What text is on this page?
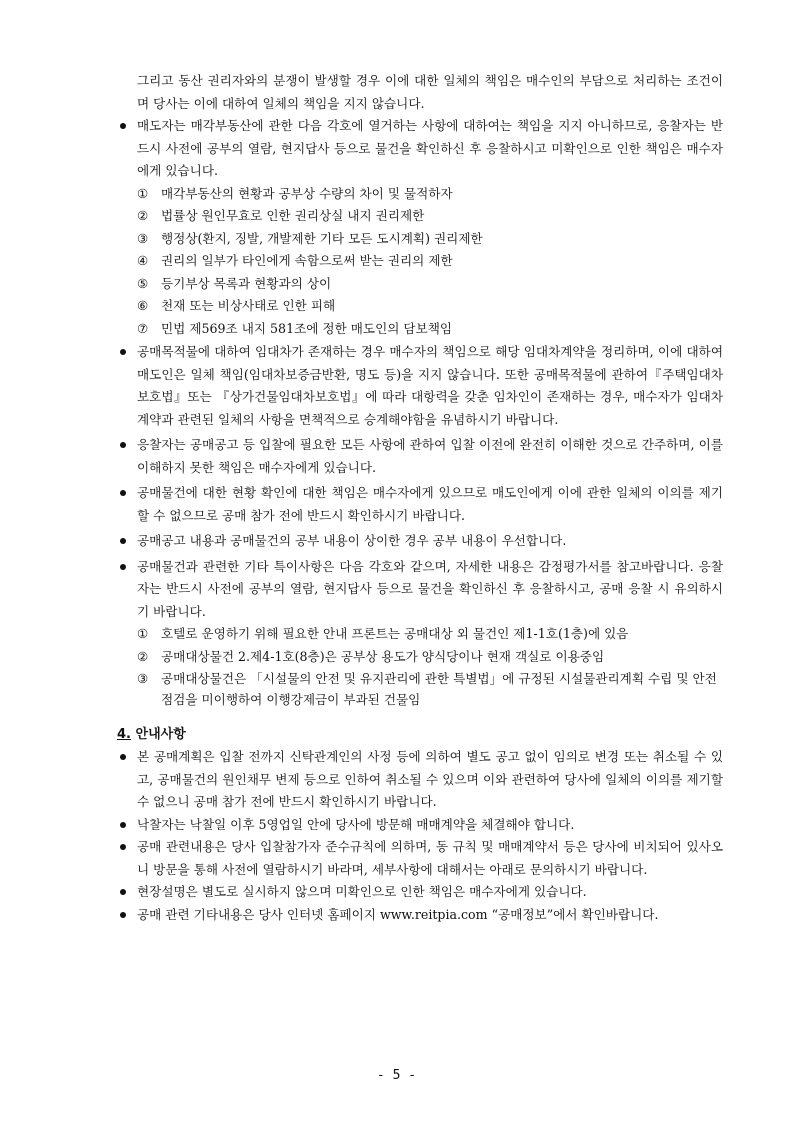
그리고 동산 권리자와의 분쟁이 발생할 경우 이에 대한 일체의 책임은 매수인의 부담으로 처리하는 조건이며 당사는 이에 대하여 일체의 책임을 지지 않습니다.

매도자는 매각부동산에 관한 다음 각호에 열거하는 사항에 대하여는 책임을 지지 아니하므로, 응찰자는 반드시 사전에 공부의 열람, 현지답사 등으로 물건을 확인하신 후 응찰하시고 미확인으로 인한 책임은 매수자에게 있습니다.

① 매각부동산의 현황과 공부상 수량의 차이 및 물적하자

② 법률상 원인무효로 인한 권리상실 내지 권리제한

③ 행정상(환지, 징발, 개발제한 기타 모든 도시계획) 권리제한

④ 권리의 일부가 타인에게 속함으로써 받는 권리의 제한

⑤ 등기부상 목록과 현황과의 상이

⑥ 천재 또는 비상사태로 인한 피해

⑦ 민법 제569조 내지 581조에 정한 매도인의 담보책임

공매목적물에 대하여 임대차가 존재하는 경우 매수자의 책임으로 해당 임대차계약을 정리하며, 이에 대하여 매도인은 일체 책임(임대차보증금반환, 명도 등)을 지지 않습니다. 또한 공매목적물에 관하여『주택임대차보호법』또는 『상가건물임대차보호법』에 따라 대항력을 갖춘 임차인이 존재하는 경우, 매수자가 임대차계약과 관련된 일체의 사항을 면책적으로 승계해야함을 유념하시기 바랍니다.
응찰자는 공매공고 등 입찰에 필요한 모든 사항에 관하여 입찰 이전에 완전히 이해한 것으로 간주하며, 이를 이해하지 못한 책임은 매수자에게 있습니다.
공매물건에 대한 현황 확인에 대한 책임은 매수자에게 있으므로 매도인에게 이에 관한 일체의 이의를 제기할 수 없으므로 공매 참가 전에 반드시 확인하시기 바랍니다.
공매공고 내용과 공매물건의 공부 내용이 상이한 경우 공부 내용이 우선합니다.
공매물건과 관련한 기타 특이사항은 다음 각호와 같으며, 자세한 내용은 감정평가서를 참고바랍니다. 응찰자는 반드시 사전에 공부의 열람, 현지답사 등으로 물건을 확인하신 후 응찰하시고, 공매 응찰 시 유의하시기 바랍니다.

① 호텔로 운영하기 위해 필요한 안내 프론트는 공매대상 외 물건인 제1-1호(1층)에 있음

② 공매대상물건 2.제4-1호(8층)은 공부상 용도가 양식당이나 현재 객실로 이용중임

③ 공매대상물건은 「시설물의 안전 및 유지관리에 관한 특별법」에 규정된 시설물관리계획 수립 및 안전점검을 미이행하여 이행강제금이 부과된 건물임

4. 안내사항
본 공매계획은 입찰 전까지 신탁관계인의 사정 등에 의하여 별도 공고 없이 임의로 변경 또는 취소될 수 있고, 공매물건의 원인채무 변제 등으로 인하여 취소될 수 있으며 이와 관련하여 당사에 일체의 이의를 제기할 수 없으니 공매 참가 전에 반드시 확인하시기 바랍니다.
낙찰자는 낙찰일 이후 5영업일 안에 당사에 방문해 매매계약을 체결해야 합니다.
공매 관련내용은 당사 입찰참가자 준수규칙에 의하며, 동 규칙 및 매매계약서 등은 당사에 비치되어 있사오니 방문을 통해 사전에 열람하시기 바라며, 세부사항에 대해서는 아래로 문의하시기 바랍니다.
현장설명은 별도로 실시하지 않으며 미확인으로 인한 책임은 매수자에게 있습니다.
공매 관련 기타내용은 당사 인터넷 홈페이지 www.reitpia.com “공매정보”에서 확인바랍니다.
- 5 -
